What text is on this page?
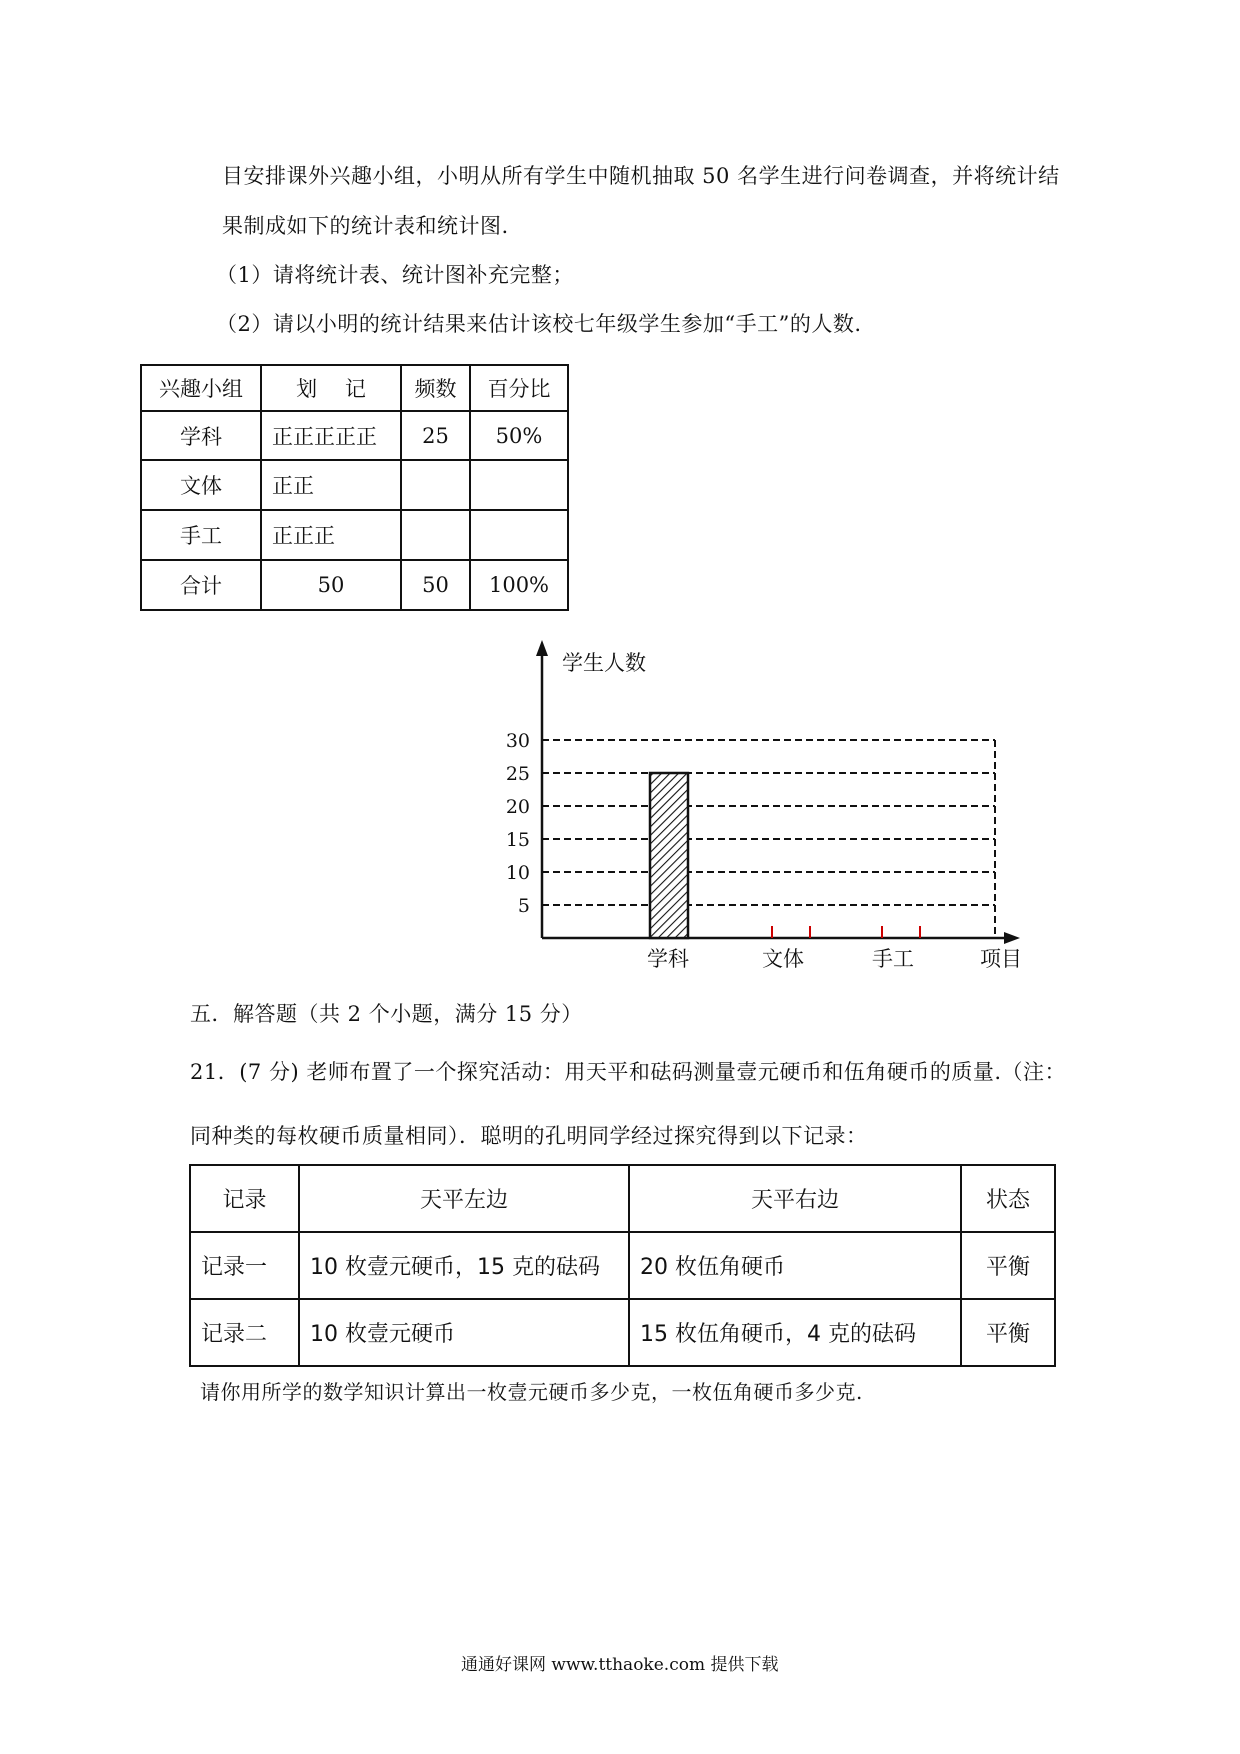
目安排课外兴趣小组，小明从所有学生中随机抽取 50 名学生进行问卷调查，并将统计结
果制成如下的统计表和统计图.
（1）请将统计表、统计图补充完整；
（2）请以小明的统计结果来估计该校七年级学生参加“手工”的人数.
兴趣小组	划　 记	频数	百分比
学科	正正正正正	25	50%
文体	正正		
手工	正正正		
合计	50	50	100%
学生人数
项目
5
10
15
20
25
30
学科	文体	手工
五．解答题（共 2 个小题，满分 15 分）
21．(7 分) 老师布置了一个探究活动：用天平和砝码测量壹元硬币和伍角硬币的质量.（注：
同种类的每枚硬币质量相同）．聪明的孔明同学经过探究得到以下记录：
记录	天平左边	天平右边	状态
记录一	10 枚壹元硬币，15 克的砝码	20 枚伍角硬币	平衡
记录二	10 枚壹元硬币	15 枚伍角硬币，4 克的砝码	平衡
请你用所学的数学知识计算出一枚壹元硬币多少克，一枚伍角硬币多少克.
通通好课网 www.tthaoke.com 提供下载
